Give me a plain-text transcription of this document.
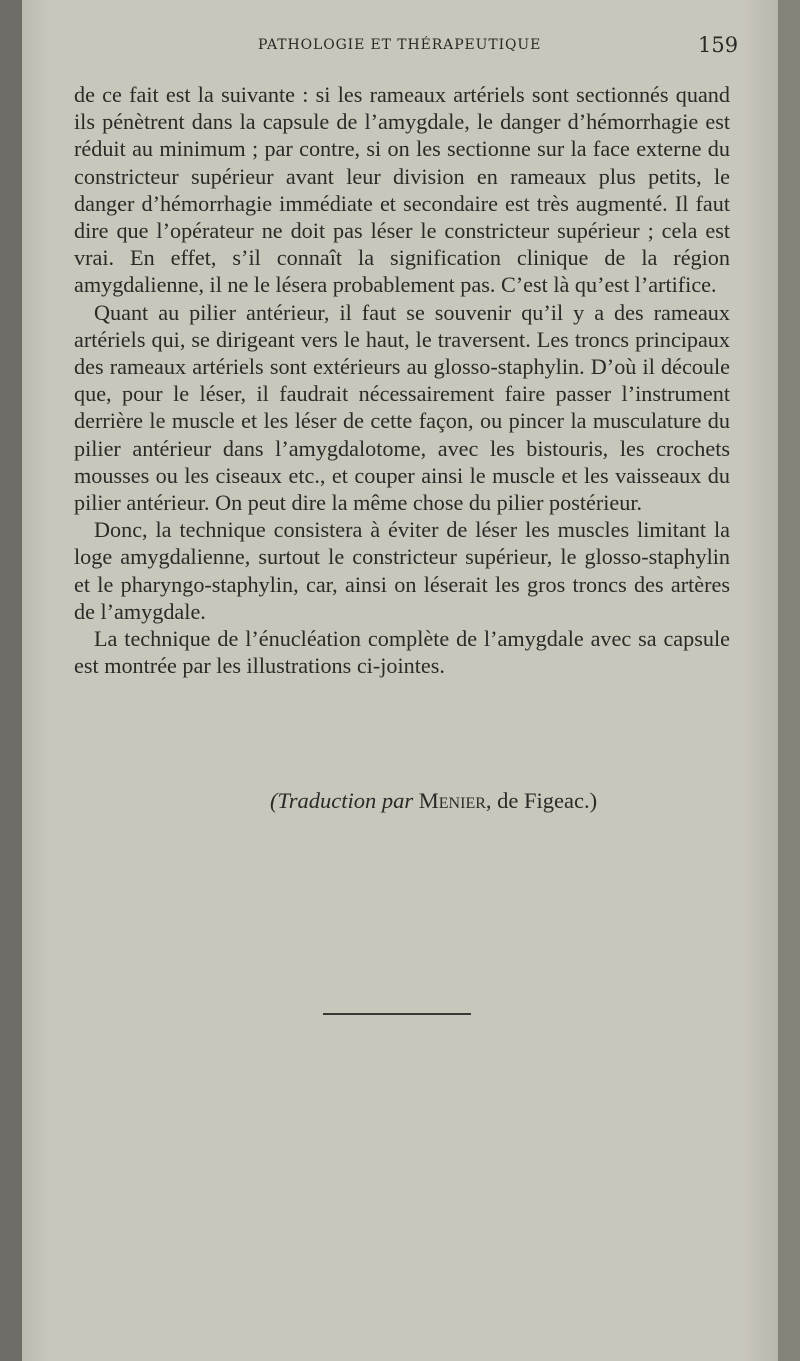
PATHOLOGIE ET THÉRAPEUTIQUE	159

de ce fait est la suivante : si les rameaux artériels sont sectionnés quand ils pénètrent dans la capsule de l’amygdale, le danger d’hémorrhagie est réduit au minimum ; par contre, si on les sectionne sur la face externe du constricteur supérieur avant leur division en rameaux plus petits, le danger d’hémorrhagie immédiate et secondaire est très augmenté. Il faut dire que l’opérateur ne doit pas léser le constricteur supérieur ; cela est vrai. En effet, s’il connaît la signification clinique de la région amygdalienne, il ne le lésera probablement pas. C’est là qu’est l’artifice.

Quant au pilier antérieur, il faut se souvenir qu’il y a des rameaux artériels qui, se dirigeant vers le haut, le traversent. Les troncs principaux des rameaux artériels sont extérieurs au glosso-staphylin. D’où il découle que, pour le léser, il faudrait nécessairement faire passer l’instrument derrière le muscle et les léser de cette façon, ou pincer la musculature du pilier antérieur dans l’amygdalotome, avec les bistouris, les crochets mousses ou les ciseaux etc., et couper ainsi le muscle et les vaisseaux du pilier antérieur. On peut dire la même chose du pilier postérieur.

Donc, la technique consistera à éviter de léser les muscles limitant la loge amygdalienne, surtout le constricteur supérieur, le glosso-staphylin et le pharyngo-staphylin, car, ainsi on léserait les gros troncs des artères de l’amygdale.

La technique de l’énucléation complète de l’amygdale avec sa capsule est montrée par les illustrations ci-jointes.

(Traduction par Menier, de Figeac.)
